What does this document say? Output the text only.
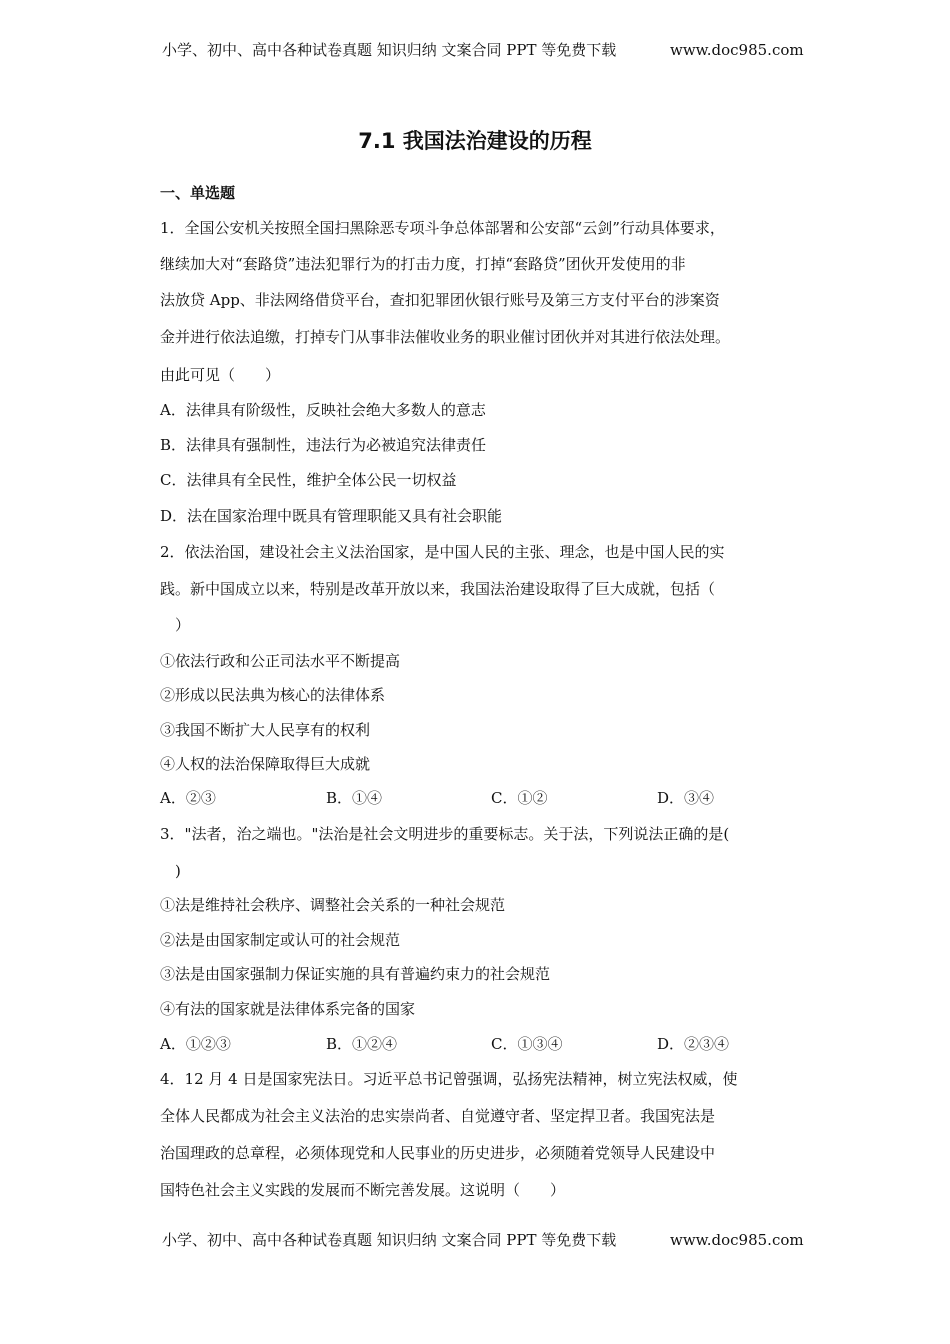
小学、初中、高中各种试卷真题 知识归纳 文案合同 PPT 等免费下载	www.doc985.com
7.1 我国法治建设的历程
一、单选题
1．全国公安机关按照全国扫黑除恶专项斗争总体部署和公安部“云剑”行动具体要求，
继续加大对“套路贷”违法犯罪行为的打击力度，打掉“套路贷”团伙开发使用的非
法放贷 App、非法网络借贷平台，查扣犯罪团伙银行账号及第三方支付平台的涉案资
金并进行依法追缴，打掉专门从事非法催收业务的职业催讨团伙并对其进行依法处理。
由此可见（　　）
A．法律具有阶级性，反映社会绝大多数人的意志
B．法律具有强制性，违法行为必被追究法律责任
C．法律具有全民性，维护全体公民一切权益
D．法在国家治理中既具有管理职能又具有社会职能
2．依法治国，建设社会主义法治国家，是中国人民的主张、理念，也是中国人民的实
践。新中国成立以来，特别是改革开放以来，我国法治建设取得了巨大成就，包括（
　）
①依法行政和公正司法水平不断提高
②形成以民法典为核心的法律体系
③我国不断扩大人民享有的权利
④人权的法治保障取得巨大成就
A．②③	B．①④	C．①②	D．③④
3．"法者，治之端也。"法治是社会文明进步的重要标志。关于法，下列说法正确的是(
　)
①法是维持社会秩序、调整社会关系的一种社会规范
②法是由国家制定或认可的社会规范
③法是由国家强制力保证实施的具有普遍约束力的社会规范
④有法的国家就是法律体系完备的国家
A．①②③	B．①②④	C．①③④	D．②③④
4．12 月 4 日是国家宪法日。习近平总书记曾强调，弘扬宪法精神，树立宪法权威，使
全体人民都成为社会主义法治的忠实崇尚者、自觉遵守者、坚定捍卫者。我国宪法是
治国理政的总章程，必须体现党和人民事业的历史进步，必须随着党领导人民建设中
国特色社会主义实践的发展而不断完善发展。这说明（　　）
小学、初中、高中各种试卷真题 知识归纳 文案合同 PPT 等免费下载	www.doc985.com
